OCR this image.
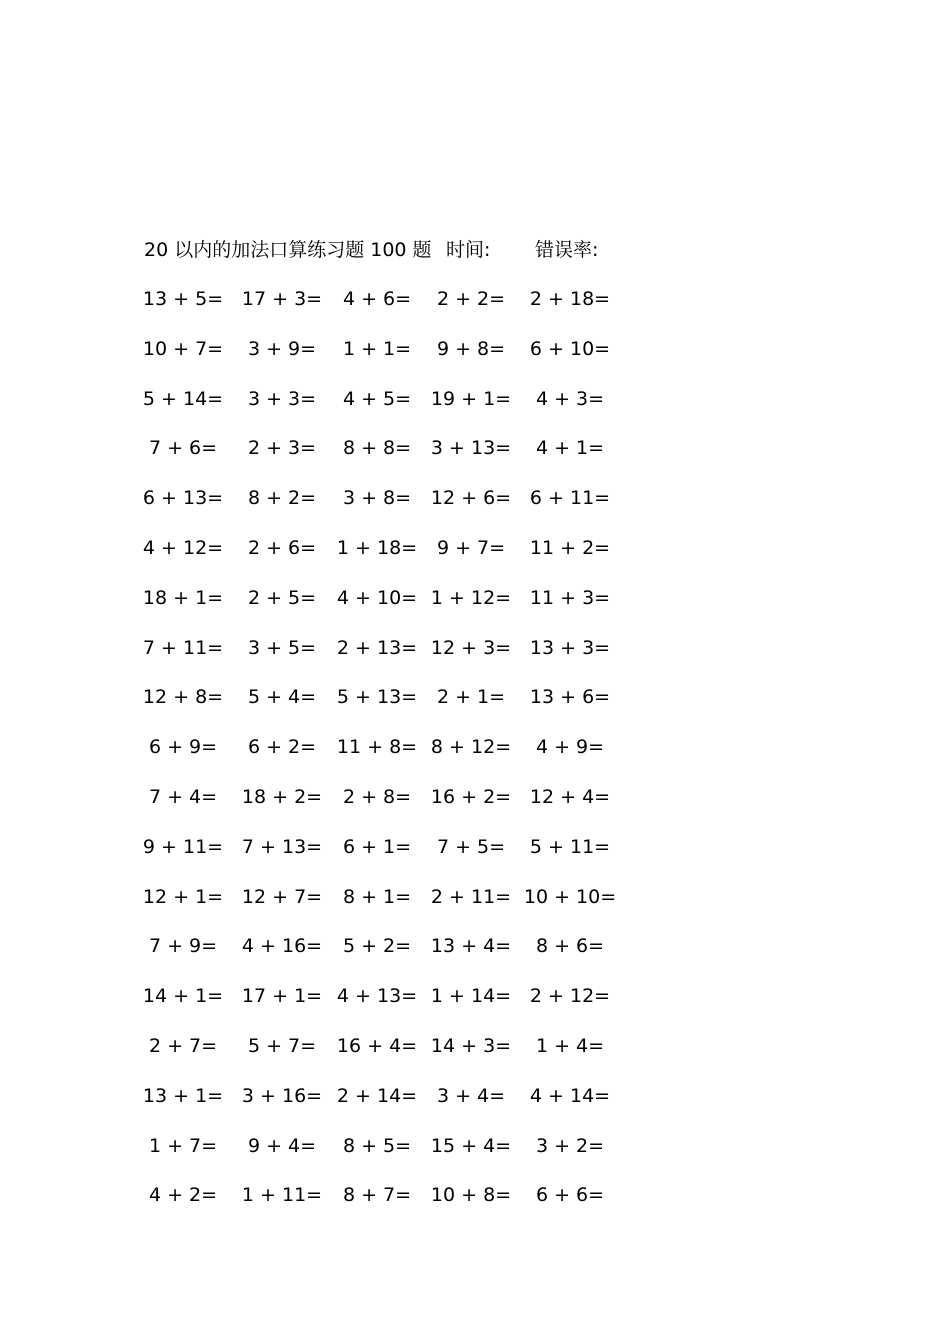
20 以内的加法口算练习题 100 题 时间: 错误率:
13 + 5= 17 + 3=	4 + 6=	2 + 2=	2 + 18=
10 + 7=	3 + 9=	1 + 1=	9 + 8=	6 + 10=
5 + 14=	3 + 3=	4 + 5=	19 + 1=	4 + 3=
7 + 6=	2 + 3=	8 + 8=	3 + 13=	4 + 1=
6 + 13=	8 + 2=	3 + 8=	12 + 6= 6 + 11=
4 + 12=	2 + 6=	1 + 18=	9 + 7=	11 + 2=
18 + 1=	2 + 5=	4 + 10= 1 + 12= 11 + 3=
7 + 11=	3 + 5=	2 + 13= 12 + 3= 13 + 3=
12 + 8=	5 + 4=	5 + 13=	2 + 1=	13 + 6=
6 + 9=	6 + 2=	11 + 8= 8 + 12=	4 + 9=
7 + 4=	18 + 2=	2 + 8=	16 + 2= 12 + 4=
9 + 11= 7 + 13=	6 + 1=	7 + 5=	5 + 11=
12 + 1= 12 + 7=	8 + 1=	2 + 11= 10 + 10=
7 + 9=	4 + 16=	5 + 2=	13 + 4=	8 + 6=
14 + 1= 17 + 1= 4 + 13= 1 + 14= 2 + 12=
2 + 7=	5 + 7=	16 + 4= 14 + 3=	1 + 4=
13 + 1= 3 + 16= 2 + 14=	3 + 4=	4 + 14=
1 + 7=	9 + 4=	8 + 5=	15 + 4=	3 + 2=
4 + 2=	1 + 11=	8 + 7=	10 + 8=	6 + 6=
